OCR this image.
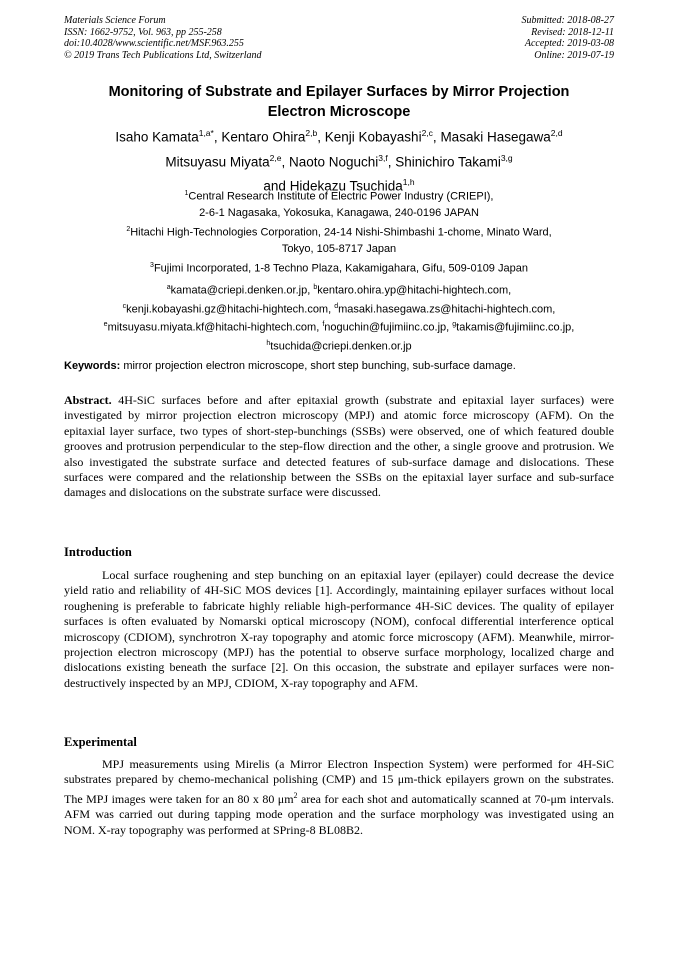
Materials Science Forum
ISSN: 1662-9752, Vol. 963, pp 255-258
doi:10.4028/www.scientific.net/MSF.963.255
© 2019 Trans Tech Publications Ltd, Switzerland
Submitted: 2018-08-27
Revised: 2018-12-11
Accepted: 2019-03-08
Online: 2019-07-19
Monitoring of Substrate and Epilayer Surfaces by Mirror Projection
Electron Microscope
Isaho Kamata$^{1,a*}$, Kentaro Ohira$^{2,b}$, Kenji Kobayashi$^{2,c}$, Masaki Hasegawa$^{2,d}$
Mitsuyasu Miyata$^{2,e}$, Naoto Noguchi$^{3,f}$, Shinichiro Takami$^{3,g}$
and Hidekazu Tsuchida$^{1,h}$
$^1$Central Research Institute of Electric Power Industry (CRIEPI),
2-6-1 Nagasaka, Yokosuka, Kanagawa, 240-0196 JAPAN
$^2$Hitachi High-Technologies Corporation, 24-14 Nishi-Shimbashi 1-chome, Minato Ward,
Tokyo, 105-8717 Japan
$^3$Fujimi Incorporated, 1-8 Techno Plaza, Kakamigahara, Gifu, 509-0109 Japan
$^a$kamata@criepi.denken.or.jp, $^b$kentaro.ohira.yp@hitachi-hightech.com,
$^c$kenji.kobayashi.gz@hitachi-hightech.com, $^d$masaki.hasegawa.zs@hitachi-hightech.com,
$^e$mitsuyasu.miyata.kf@hitachi-hightech.com, $^f$noguchin@fujimiinc.co.jp, $^g$takamis@fujimiinc.co.jp,
$^h$tsuchida@criepi.denken.or.jp
Keywords: mirror projection electron microscope, short step bunching, sub-surface damage.
Abstract. 4H-SiC surfaces before and after epitaxial growth (substrate and epitaxial layer surfaces) were investigated by mirror projection electron microscopy (MPJ) and atomic force microscopy (AFM). On the epitaxial layer surface, two types of short-step-bunchings (SSBs) were observed, one of which featured double grooves and protrusion perpendicular to the step-flow direction and the other, a single groove and protrusion. We also investigated the substrate surface and detected features of sub-surface damage and dislocations. These surfaces were compared and the relationship between the SSBs on the epitaxial layer surface and sub-surface damages and dislocations on the substrate surface were discussed.
Introduction
Local surface roughening and step bunching on an epitaxial layer (epilayer) could decrease the device yield ratio and reliability of 4H-SiC MOS devices [1]. Accordingly, maintaining epilayer surfaces without local roughening is preferable to fabricate highly reliable high-performance 4H-SiC devices. The quality of epilayer surfaces is often evaluated by Nomarski optical microscopy (NOM), confocal differential interference optical microscopy (CDIOM), synchrotron X-ray topography and atomic force microscopy (AFM). Meanwhile, mirror-projection electron microscopy (MPJ) has the potential to observe surface morphology, localized charge and dislocations existing beneath the surface [2]. On this occasion, the substrate and epilayer surfaces were non-destructively inspected by an MPJ, CDIOM, X-ray topography and AFM.
Experimental
MPJ measurements using Mirelis (a Mirror Electron Inspection System) were performed for 4H-SiC substrates prepared by chemo-mechanical polishing (CMP) and 15 μm-thick epilayers grown on the substrates. The MPJ images were taken for an 80 x 80 $\mu m^2$ area for each shot and automatically scanned at 70-μm intervals. AFM was carried out during tapping mode operation and the surface morphology was investigated using an NOM. X-ray topography was performed at SPring-8 BL08B2.
